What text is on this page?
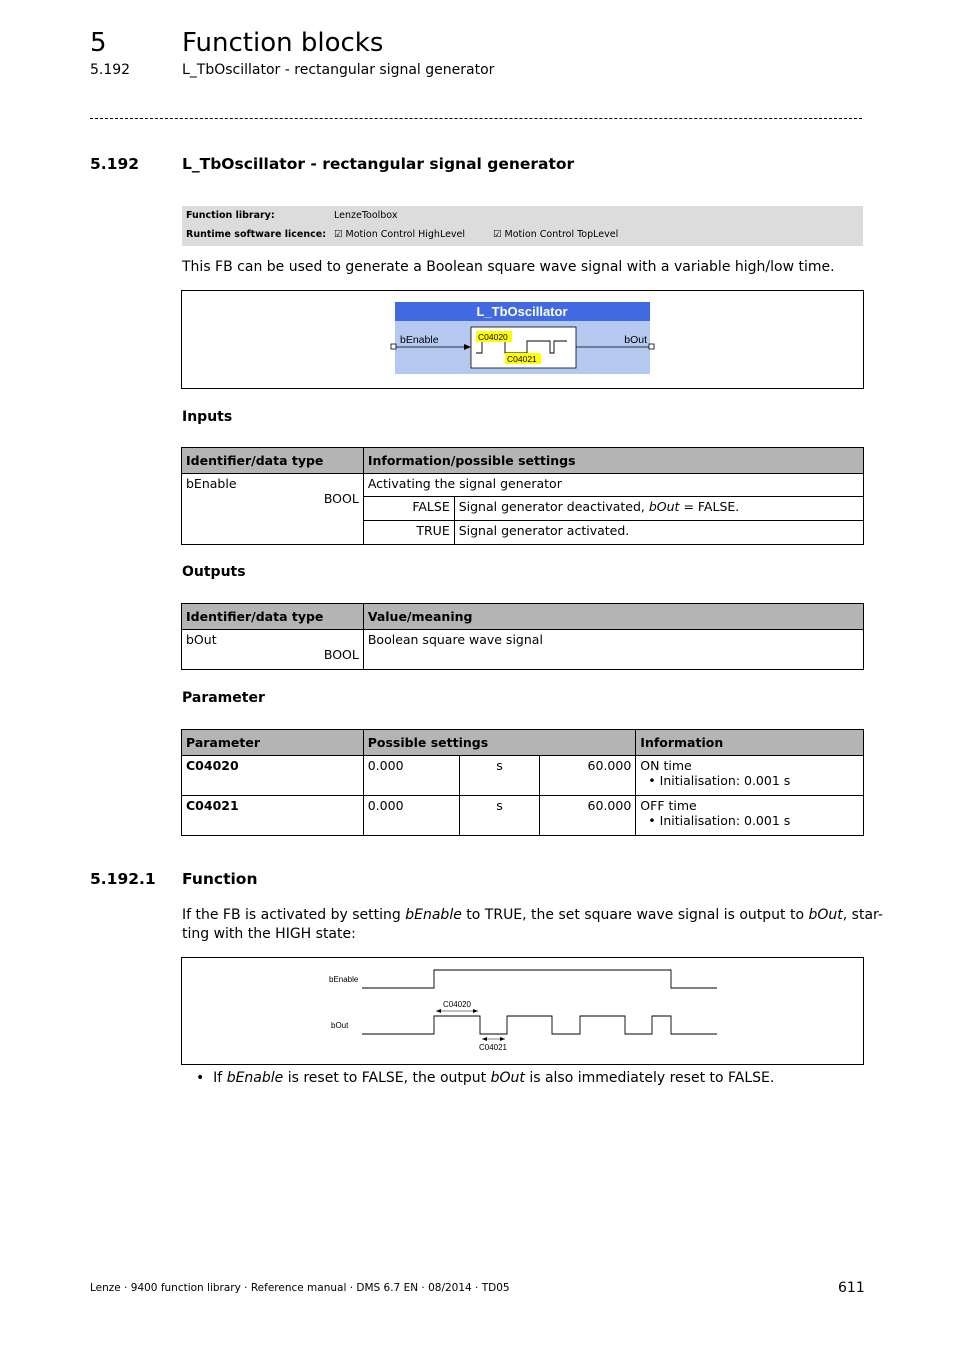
5	Function blocks
5.192	L_TbOscillator - rectangular signal generator
5.192	L_TbOscillator - rectangular signal generator
Function library:	LenzeToolbox
Runtime software licence: ☑ Motion Control HighLevel	☑ Motion Control TopLevel
This FB can be used to generate a Boolean square wave signal with a variable high/low time.
L_TbOscillator
bEnable	bOut
C04020
C04021
Inputs
Identifier/data type	Information/possible settings	

bEnable
BOOL	Activating the signal generator	
	FALSE	Signal generator deactivated, bOut = FALSE.
	TRUE	Signal generator activated.
Outputs
Identifier/data type	Value/meaning

bOut
BOOL	Boolean square wave signal
Parameter
Parameter	Possible settings			Information
C04020	0.000	s	60.000	ON time
• Initialisation: 0.001 s

C04021	0.000	s	60.000	OFF time
• Initialisation: 0.001 s
5.192.1 Function
If the FB is activated by setting bEnable to TRUE, the set square wave signal is output to bOut, star-
ting with the HIGH state:
bEnable
bOut
C04020
C04021
•  If bEnable is reset to FALSE, the output bOut is also immediately reset to FALSE.
Lenze · 9400 function library · Reference manual · DMS 6.7 EN · 08/2014 · TD05	611
